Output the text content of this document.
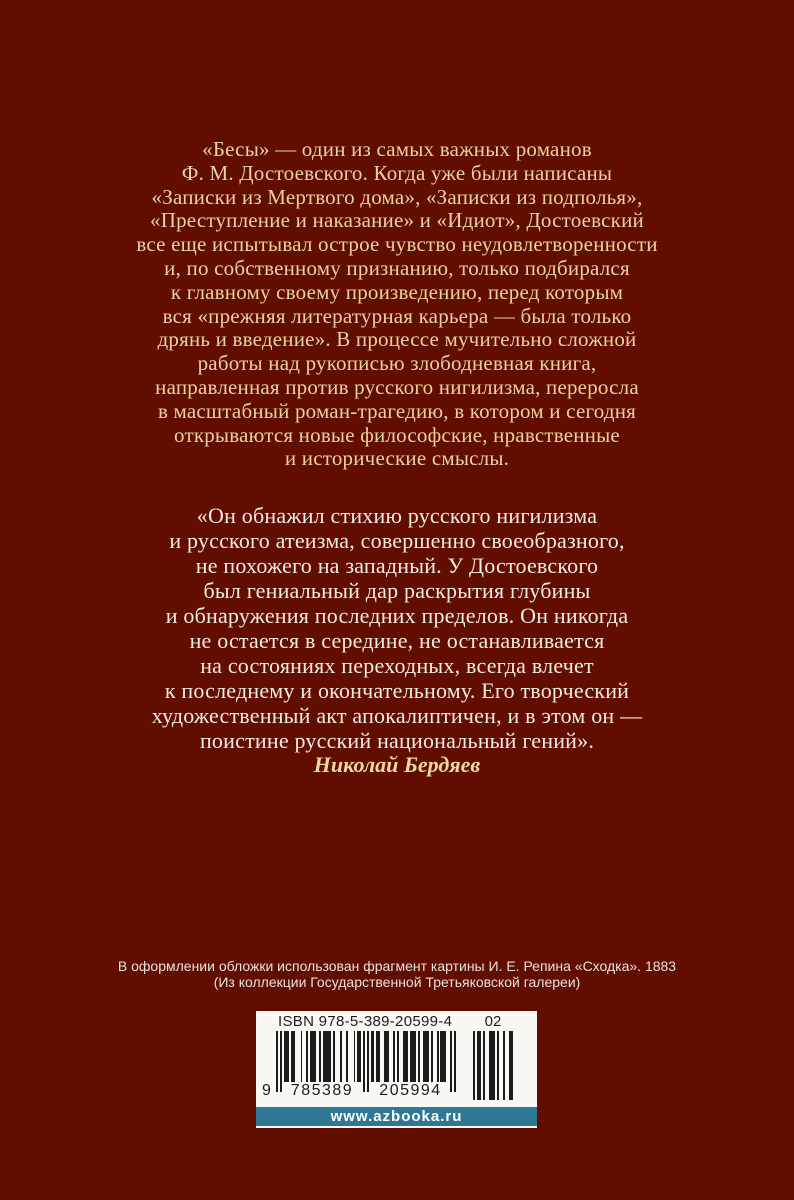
«Бесы» — один из самых важных романов
Ф. М. Достоевского. Когда уже были написаны
«Записки из Мертвого дома», «Записки из подполья»,
«Преступление и наказание» и «Идиот», Достоевский
все еще испытывал острое чувство неудовлетворенности
и, по собственному признанию, только подбирался
к главному своему произведению, перед которым
вся «прежняя литературная карьера — была только
дрянь и введение». В процессе мучительно сложной
работы над рукописью злободневная книга,
направленная против русского нигилизма, переросла
в масштабный роман-трагедию, в котором и сегодня
открываются новые философские, нравственные
и исторические смыслы.
«Он обнажил стихию русского нигилизма
и русского атеизма, совершенно своеобразного,
не похожего на западный. У Достоевского
был гениальный дар раскрытия глубины
и обнаружения последних пределов. Он никогда
не остается в середине, не останавливается
на состояниях переходных, всегда влечет
к последнему и окончательному. Его творческий
художественный акт апокалиптичен, и в этом он —
поистине русский национальный гений».
Николай Бердяев
В оформлении обложки использован фрагмент картины И. Е. Репина «Сходка». 1883
(Из коллекции Государственной Третьяковской галереи)
ISBN 978-5-389-20599-4	02
9	785389	205994
www.azbooka.ru
